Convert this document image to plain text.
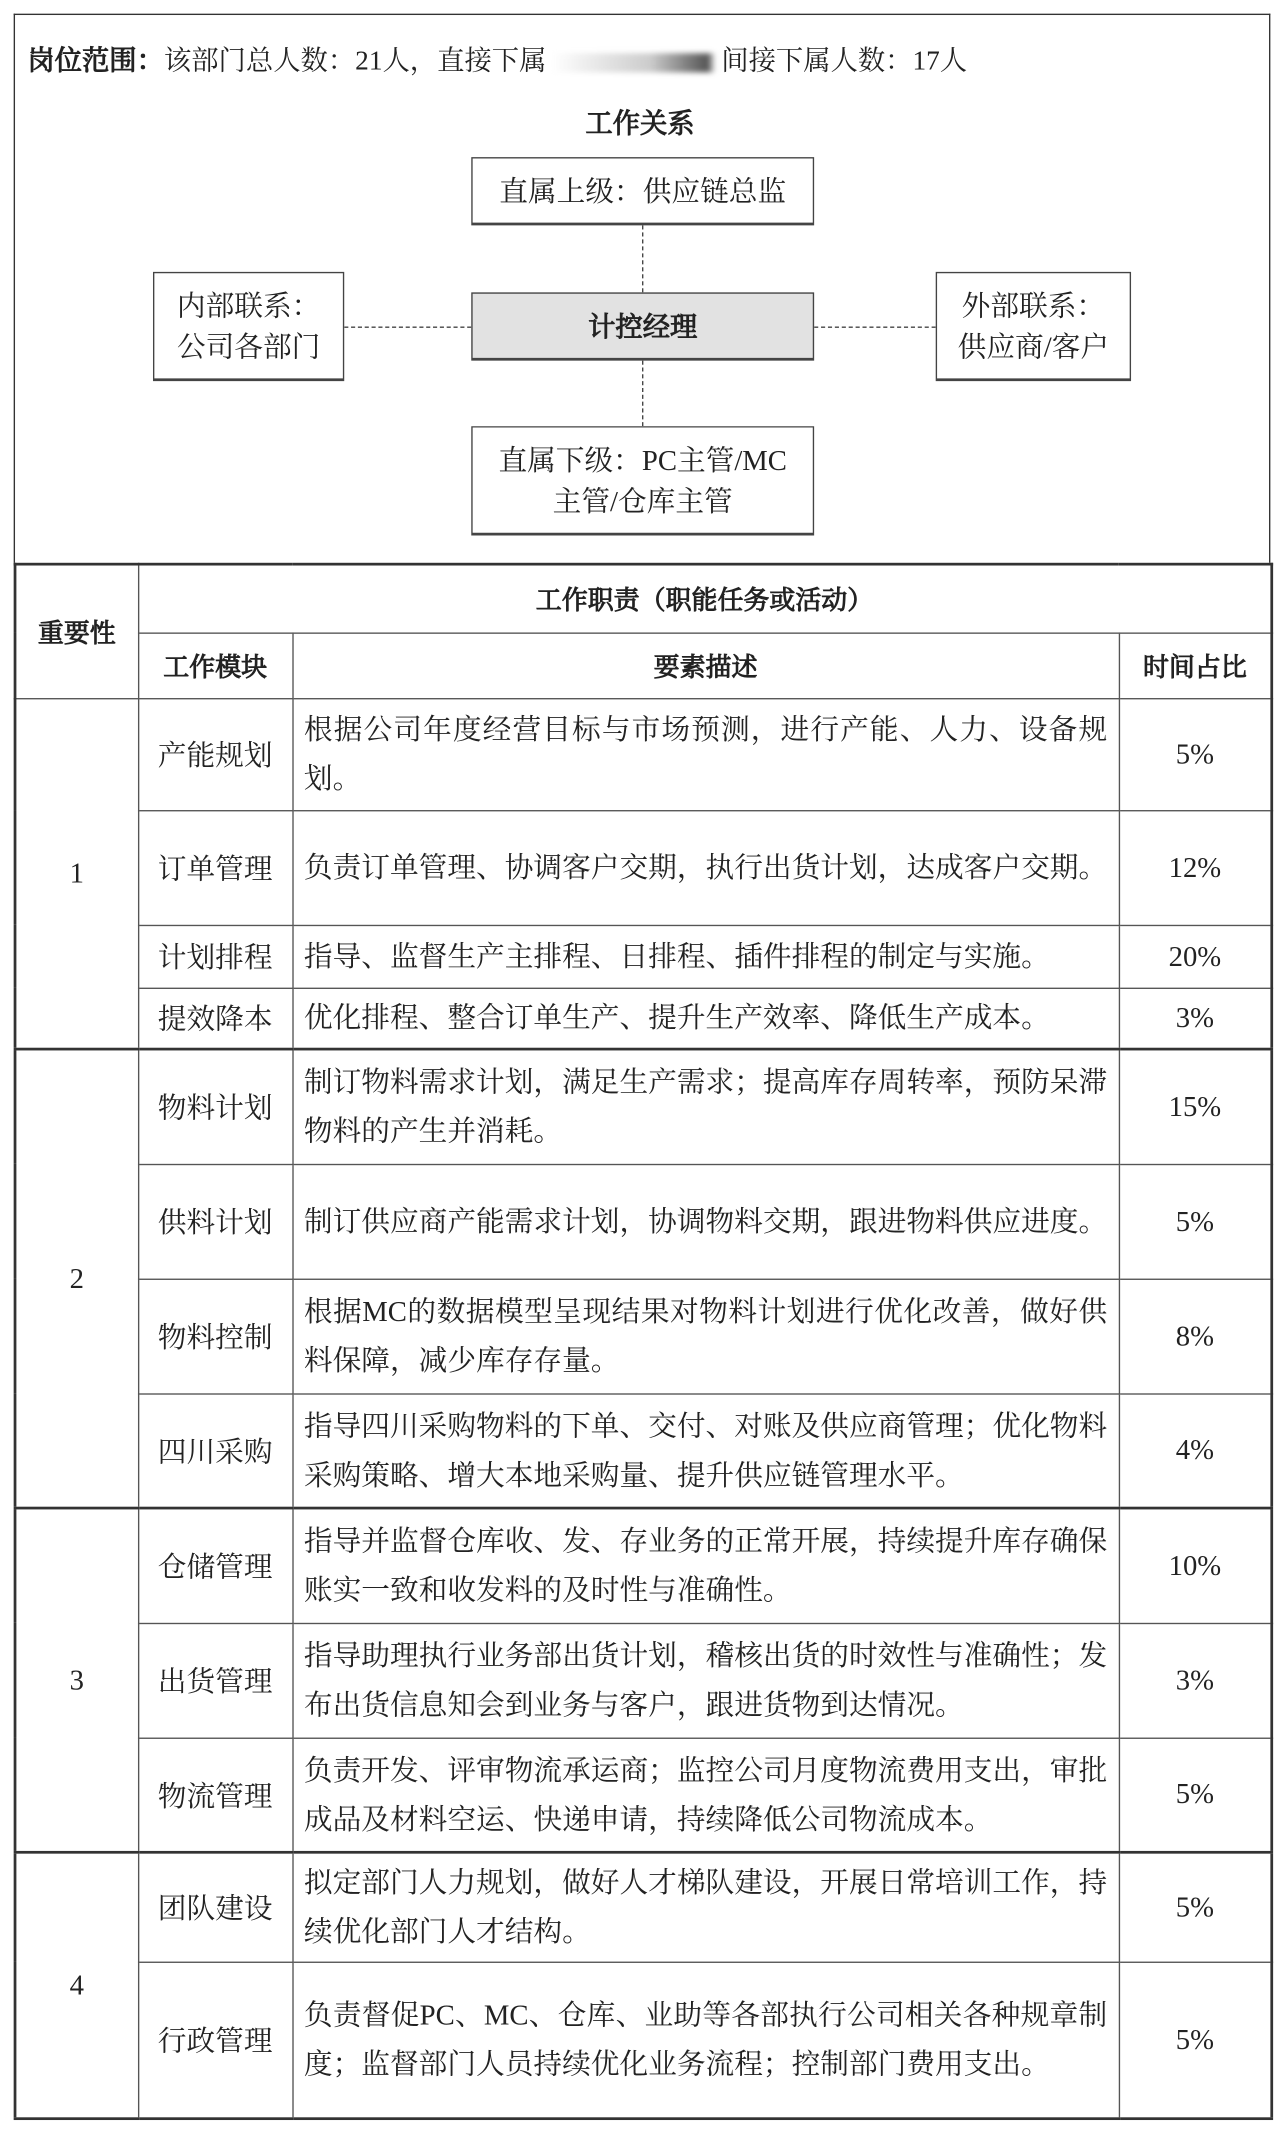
岗位范围：该部门总人数：21人，直接下属	间接下属人数：17人
工作关系
直属上级：供应链总监
计控经理
内部联系：
公司各部门
外部联系：
供应商/客户
直属下级：PC主管/MC
主管/仓库主管
重要性	工作职责（职能任务或活动）		
	工作模块	要素描述	时间占比
1	产能规划	根据公司年度经营目标与市场预测，进行产能、人力、设备规划。	5%
	订单管理	负责订单管理、协调客户交期，执行出货计划，达成客户交期。	12%
	计划排程	指导、监督生产主排程、日排程、插件排程的制定与实施。	20%
	提效降本	优化排程、整合订单生产、提升生产效率、降低生产成本。	3%
2	物料计划	制订物料需求计划，满足生产需求；提高库存周转率，预防呆滞物料的产生并消耗。	15%
	供料计划	制订供应商产能需求计划，协调物料交期，跟进物料供应进度。	5%
	物料控制	根据MC的数据模型呈现结果对物料计划进行优化改善，做好供料保障，减少库存存量。	8%
	四川采购	指导四川采购物料的下单、交付、对账及供应商管理；优化物料采购策略、增大本地采购量、提升供应链管理水平。	4%
3	仓储管理	指导并监督仓库收、发、存业务的正常开展，持续提升库存确保账实一致和收发料的及时性与准确性。	10%
	出货管理	指导助理执行业务部出货计划，稽核出货的时效性与准确性；发布出货信息知会到业务与客户，跟进货物到达情况。	3%
	物流管理	负责开发、评审物流承运商；监控公司月度物流费用支出，审批成品及材料空运、快递申请，持续降低公司物流成本。	5%
4	团队建设	拟定部门人力规划，做好人才梯队建设，开展日常培训工作，持续优化部门人才结构。	5%
	行政管理	负责督促PC、MC、仓库、业助等各部执行公司相关各种规章制度；监督部门人员持续优化业务流程；控制部门费用支出。	5%
